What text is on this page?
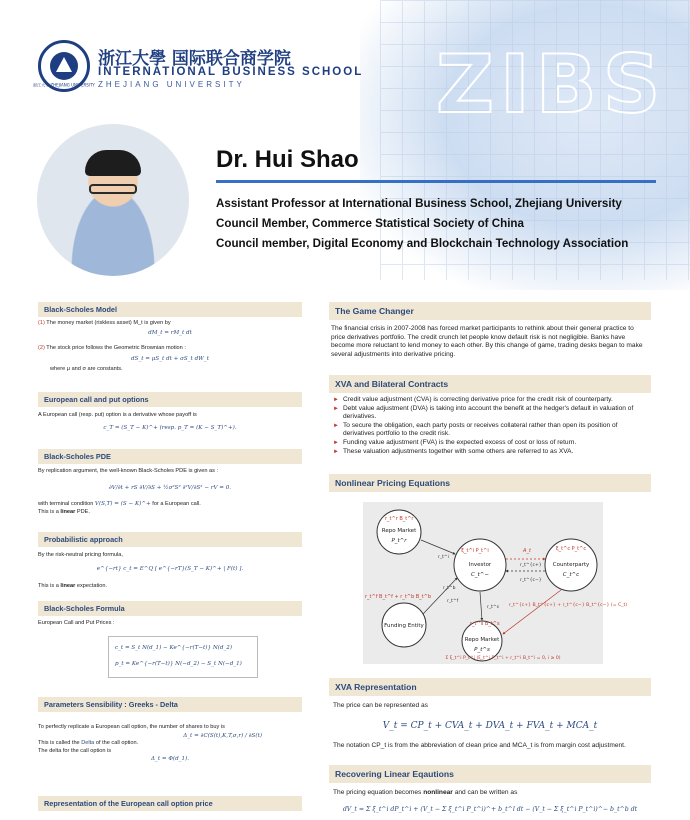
ZIBS
浙江大学 ZHEJIANG UNIVERSITY
浙江大學 国际联合商学院
INTERNATIONAL BUSINESS SCHOOL
ZHEJIANG UNIVERSITY
Dr. Hui Shao
Assistant Professor at International Business School, Zhejiang University
Council Member, Commerce Statistical Society of China
Council member, Digital Economy and Blockchain Technology Association
Black-Scholes Model
(1) The money market (riskless asset) M_t is given by
dM_t = rM_t dt
(2) The stock price follows the Geometric Brownian motion :
dS_t = μS_t dt + σS_t dW_t
where μ and σ are constants.
European call and put options
A European call (resp. put) option is a derivative whose payoff is
c_T = (S_T − K)^+ (resp. p_T = (K − S_T)^+).
Black-Scholes PDE
By replication argument, the well-known Black-Scholes PDE is given as :
∂V/∂t + rS ∂V/∂S + ½σ²S² ∂²V/∂S² − rV = 0.
with terminal condition V(S,T) = (S − K)^+ for a European call.
This is a linear PDE.
Probabilistic approach
By the risk-neutral pricing formula,
e^{−rt} c_t = E^Q [ e^{−rT}(S_T − K)^+ | F(t) ].
This is a linear expectation.
Black-Scholes Formula
European Call and Put Prices :
c_t = S_t N(d_1) − Ke^{−r(T−t)} N(d_2)
p_t = Ke^{−r(T−t)} N(−d_2) − S_t N(−d_1)
Parameters Sensibility : Greeks - Delta
To perfectly replicate a European call option, the number of shares to buy is
Δ_t = ∂C(S(t),K,T,σ,r) / ∂S(t)
This is called the Delta of the call option.
The delta for the call option is
Δ_t = Φ(d_1).
Representation of the European call option price
The Game Changer
The financial crisis in 2007-2008 has forced market participants to rethink about their general practice to price derivatives portfolio. The credit crunch let people know default risk is not negligible. Banks have become more reluctant to lend money to each other. By this change of game, trading desks began to make several adjustments into derivative pricing.
XVA and Bilateral Contracts
► Credit value adjustment (CVA) is correcting derivative price for the credit risk of counterparty.
► Debt value adjustment (DVA) is taking into account the benefit at the hedger's default in valuation of derivatives.
► To secure the obligation, each party posts or receives collateral rather than open its position of derivatives portfolio to the credit risk.
► Funding value adjustment (FVA) is the expected excess of cost or loss of return.
► These valuation adjustments together with some others are referred to as XVA.
Nonlinear Pricing Equations
r_t^r B_t^r
Repo Market
P_t^r
ξ_t^i P_t^i
Investor
C_t^−
ξ_t^c P_t^c
Counterparty
C_t^c
Funding Entity
r_t^f B_t^f + r_t^b B_t^b
r_t^s B_t^s
Repo Market
P_t^s
A_t
r_t^{c+} B_t^{c+} + r_t^{c−} B_t^{c−} (= C_t)
Σ ξ_t^i P_t^i (ξ_t^i P_t^i + r_t^i B_t^i = 0, i ≥ 0)
r_t^i
r_t^{c+}
r_t^{c−}
r_t^b
r_t^f
r_t^s
XVA Representation
The price can be represented as
V_t = CP_t + CVA_t + DVA_t + FVA_t + MCA_t
The notation CP_t is from the abbreviation of clean price and MCA_t is from margin cost adjustment.
Recovering Linear Eqautions
The pricing equation becomes nonlinear and can be written as
dV_t = Σ ξ_t^i dP_t^i + (V_t − Σ ξ_t^i P_t^i)^+ b_t^l dt − (V_t − Σ ξ_t^i P_t^i)^− b_t^b dt
